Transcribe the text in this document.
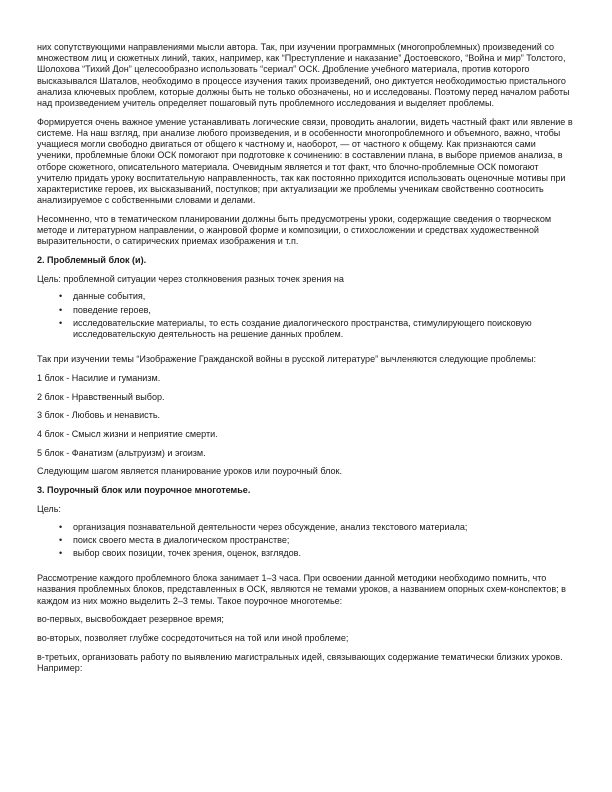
них сопутствующими направлениями мысли автора. Так, при изучении программных (многопроблемных) произведений со множеством лиц и сюжетных линий, таких, например, как “Преступление и наказание” Достоевского, “Война и мир” Толстого, Шолохова “Тихий Дон” целесообразно использовать “сериал” ОСК. Дробление учебного материала, против которого высказывался Шаталов, необходимо в процессе изучения таких произведений, оно диктуется необходимостью пристального анализа ключевых проблем, которые должны быть не только обозначены, но и исследованы. Поэтому перед началом работы над произведением учитель определяет пошаговый путь проблемного исследования и выделяет проблемы.

Формируется очень важное умение устанавливать логические связи, проводить аналогии, видеть частный факт или явление в системе. На наш взгляд, при анализе любого произведения, и в особенности многопроблемного и объемного, важно, чтобы учащиеся могли свободно двигаться от общего к частному и, наоборот, — от частного к общему. Как признаются сами ученики, проблемные блоки ОСК помогают при подготовке к сочинению: в составлении плана, в выборе приемов анализа, в отборе сюжетного, описательного материала. Очевидным является и тот факт, что блочно-проблемные ОСК помогают учителю придать уроку воспитательную направленность, так как постоянно приходится использовать оценочные мотивы при характеристике героев, их высказываний, поступков; при актуализации же проблемы ученикам свойственно соотносить анализируемое с собственными словами и делами.

Несомненно, что в тематическом планировании должны быть предусмотрены уроки, содержащие сведения о творческом методе и литературном направлении, о жанровой форме и композиции, о стихосложении и средствах художественной выразительности, о сатирических приемах изображения и т.п.

2. Проблемный блок (и).

Цель: проблемной ситуации через столкновения разных точек зрения на

• данные события,
• поведение героев,
• исследовательские материалы, то есть создание диалогического пространства, стимулирующего поисковую исследовательскую деятельность на решение данных проблем.

Так при изучении темы “Изображение Гражданской войны в русской литературе” вычленяются следующие проблемы:

1 блок - Насилие и гуманизм.

2 блок - Нравственный выбор.

3 блок - Любовь и ненависть.

4 блок - Смысл жизни и неприятие смерти.

5 блок - Фанатизм (альтруизм) и эгоизм.

Следующим шагом является планирование уроков или поурочный блок.

3. Поурочный блок или поурочное многотемье.

Цель:

• организация познавательной деятельности через обсуждение, анализ текстового материала;
• поиск своего места в диалогическом пространстве;
• выбор своих позиции, точек зрения, оценок, взглядов.

Рассмотрение каждого проблемного блока занимает 1–3 часа. При освоении данной методики необходимо помнить, что названия проблемных блоков, представленных в ОСК, являются не темами уроков, а названием опорных схем-конспектов; в каждом из них можно выделить 2–3 темы. Такое поурочное многотемье:

во-первых, высвобождает резервное время;

во-вторых, позволяет глубже сосредоточиться на той или иной проблеме;

в-третьих, организовать работу по выявлению магистральных идей, связывающих содержание тематически близких уроков. Например:
